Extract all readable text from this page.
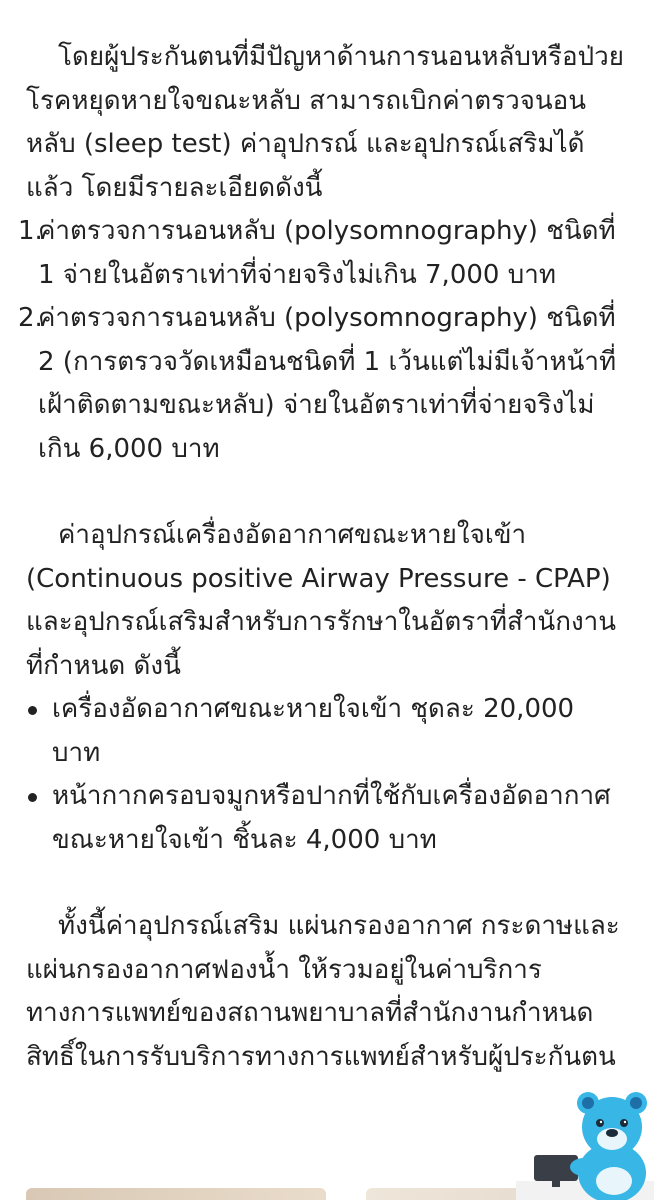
โดยผู้ประกันตนที่มีปัญหาด้านการนอนหลับหรือป่วยโรคหยุดหายใจขณะหลับ สามารถเบิกค่าตรวจนอนหลับ (sleep test) ค่าอุปกรณ์ และอุปกรณ์เสริมได้แล้ว โดยมีรายละเอียดดังนี้

1.
ค่าตรวจการนอนหลับ (polysomnography) ชนิดที่ 1 จ่ายในอัตราเท่าที่จ่ายจริงไม่เกิน 7,000 บาท
2.
ค่าตรวจการนอนหลับ (polysomnography) ชนิดที่ 2 (การตรวจวัดเหมือนชนิดที่ 1 เว้นแต่ไม่มีเจ้าหน้าที่เฝ้าติดตามขณะหลับ) จ่ายในอัตราเท่าที่จ่ายจริงไม่เกิน 6,000 บาท

ค่าอุปกรณ์เครื่องอัดอากาศขณะหายใจเข้า (Continuous positive Airway Pressure - CPAP) และอุปกรณ์เสริมสำหรับการรักษาในอัตราที่สำนักงานที่กำหนด ดังนี้

เครื่องอัดอากาศขณะหายใจเข้า ชุดละ 20,000 บาท
หน้ากากครอบจมูกหรือปากที่ใช้กับเครื่องอัดอากาศขณะหายใจเข้า ชิ้นละ 4,000 บาท

ทั้งนี้ค่าอุปกรณ์เสริม แผ่นกรองอากาศ กระดาษและแผ่นกรองอากาศฟองน้ำ ให้รวมอยู่ในค่าบริการทางการแพทย์ของสถานพยาบาลที่สำนักงานกำหนดสิทธิ์ในการรับบริการทางการแพทย์สำหรับผู้ประกันตน
